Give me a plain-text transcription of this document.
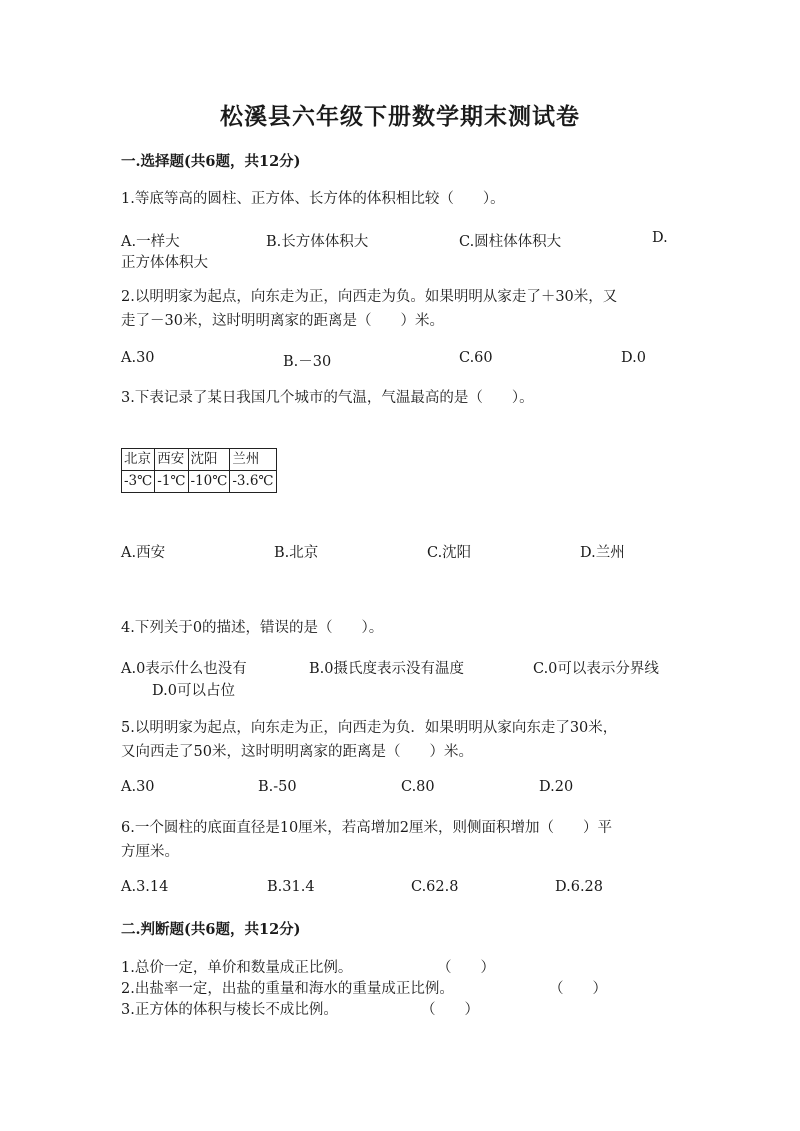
松溪县六年级下册数学期末测试卷
一.选择题(共6题，共12分)
1.等底等高的圆柱、正方体、长方体的体积相比较（　　）。
A.一样大	B.长方体体积大	C.圆柱体体积大	D.
正方体体积大
2.以明明家为起点，向东走为正，向西走为负。如果明明从家走了＋30米，又
走了－30米，这时明明离家的距离是（　　）米。
A.30	B.－30	C.60	D.0
3.下表记录了某日我国几个城市的气温，气温最高的是（　　）。
北京	西安	沈阳	兰州
-3℃	-1℃	-10℃	-3.6℃
A.西安	B.北京	C.沈阳	D.兰州
4.下列关于0的描述，错误的是（　　）。
A.0表示什么也没有	B.0摄氏度表示没有温度	C.0可以表示分界线
D.0可以占位
5.以明明家为起点，向东走为正，向西走为负．如果明明从家向东走了30米，
又向西走了50米，这时明明离家的距离是（　　）米。
A.30	B.-50	C.80	D.20
6.一个圆柱的底面直径是10厘米，若高增加2厘米，则侧面积增加（　　）平
方厘米。
A.3.14	B.31.4	C.62.8	D.6.28
二.判断题(共6题，共12分)
1.总价一定，单价和数量成正比例。	（　　）
2.出盐率一定，出盐的重量和海水的重量成正比例。	（　　）
3.正方体的体积与棱长不成比例。	（　　）
